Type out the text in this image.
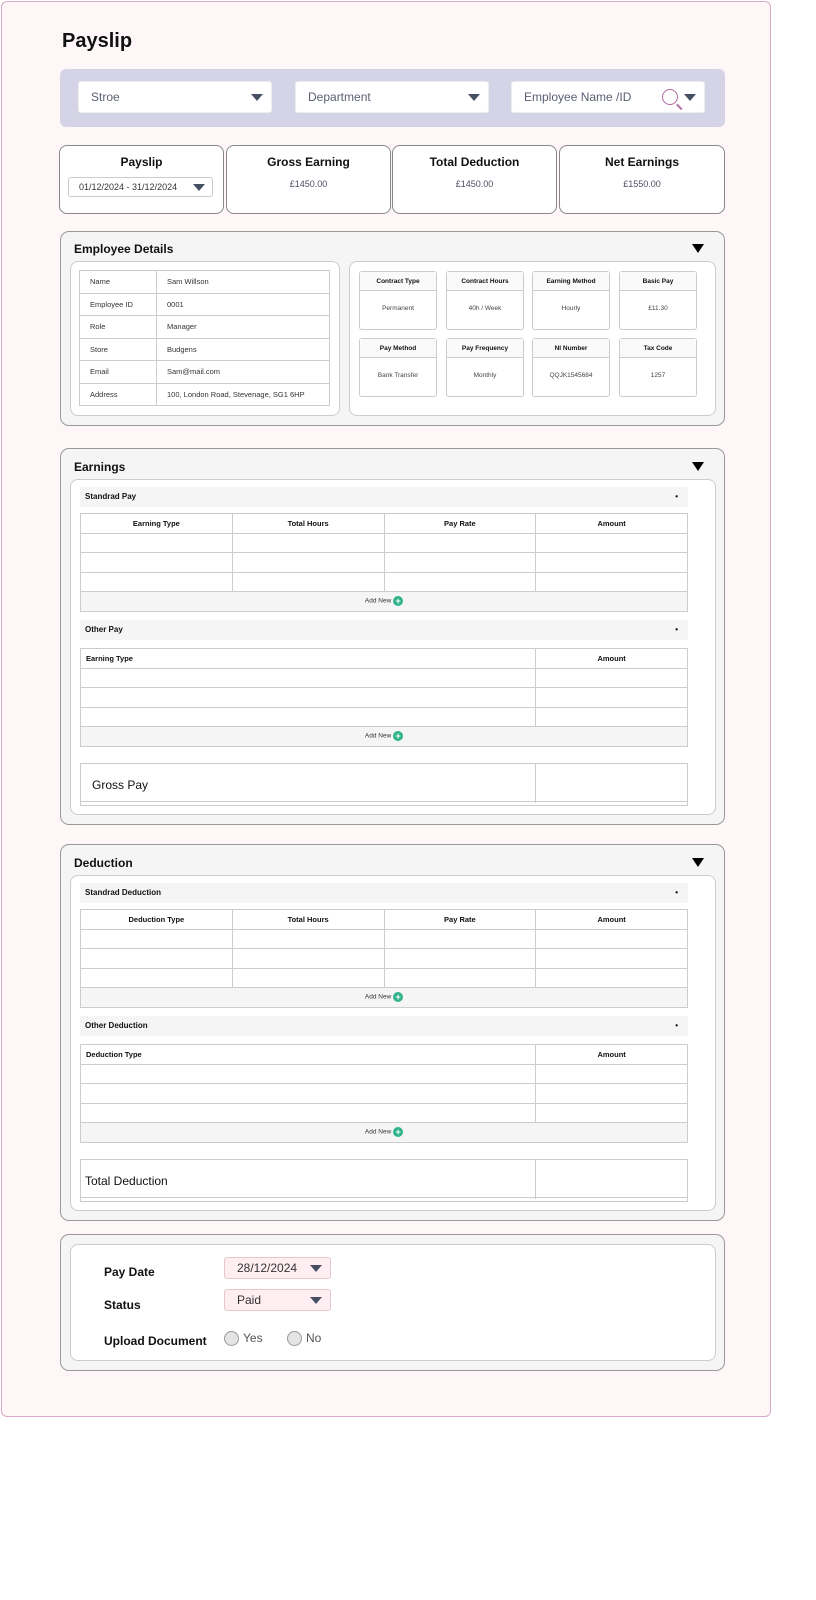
Payslip
Stroe	Department	Employee Name /ID
Payslip
01/12/2024 - 31/12/2024
Gross Earning
£1450.00
Total Deduction
£1450.00
Net Earnings
£1550.00
Employee Details
Name	Sam Willson
Employee ID	0001
Role	Manager
Store	Budgens
Email	Sam@mail.com
Address	100, London Road, Stevenage, SG1 6HP
Contract Type
Permanent
Contract Hours
40h / Week
Earning Method
Hourly
Basic Pay
£11.30
Pay Method
Bank Transfer
Pay Frequency
Monthly
NI Number
QQJK1545684
Tax Code
1257
Earnings
Standrad Pay	•
Earning Type	Total Hours	Pay Rate	Amount

Add New +			
Other Pay	•
Earning Type	Amount

Add New +	
Gross Pay
Deduction
Standrad Deduction	•
Deduction Type	Total Hours	Pay Rate	Amount

Add New +			
Other Deduction	•
Deduction Type	Amount

Add New +	
Total Deduction
Pay Date	28/12/2024
Status	Paid
Upload Document	Yes	No
